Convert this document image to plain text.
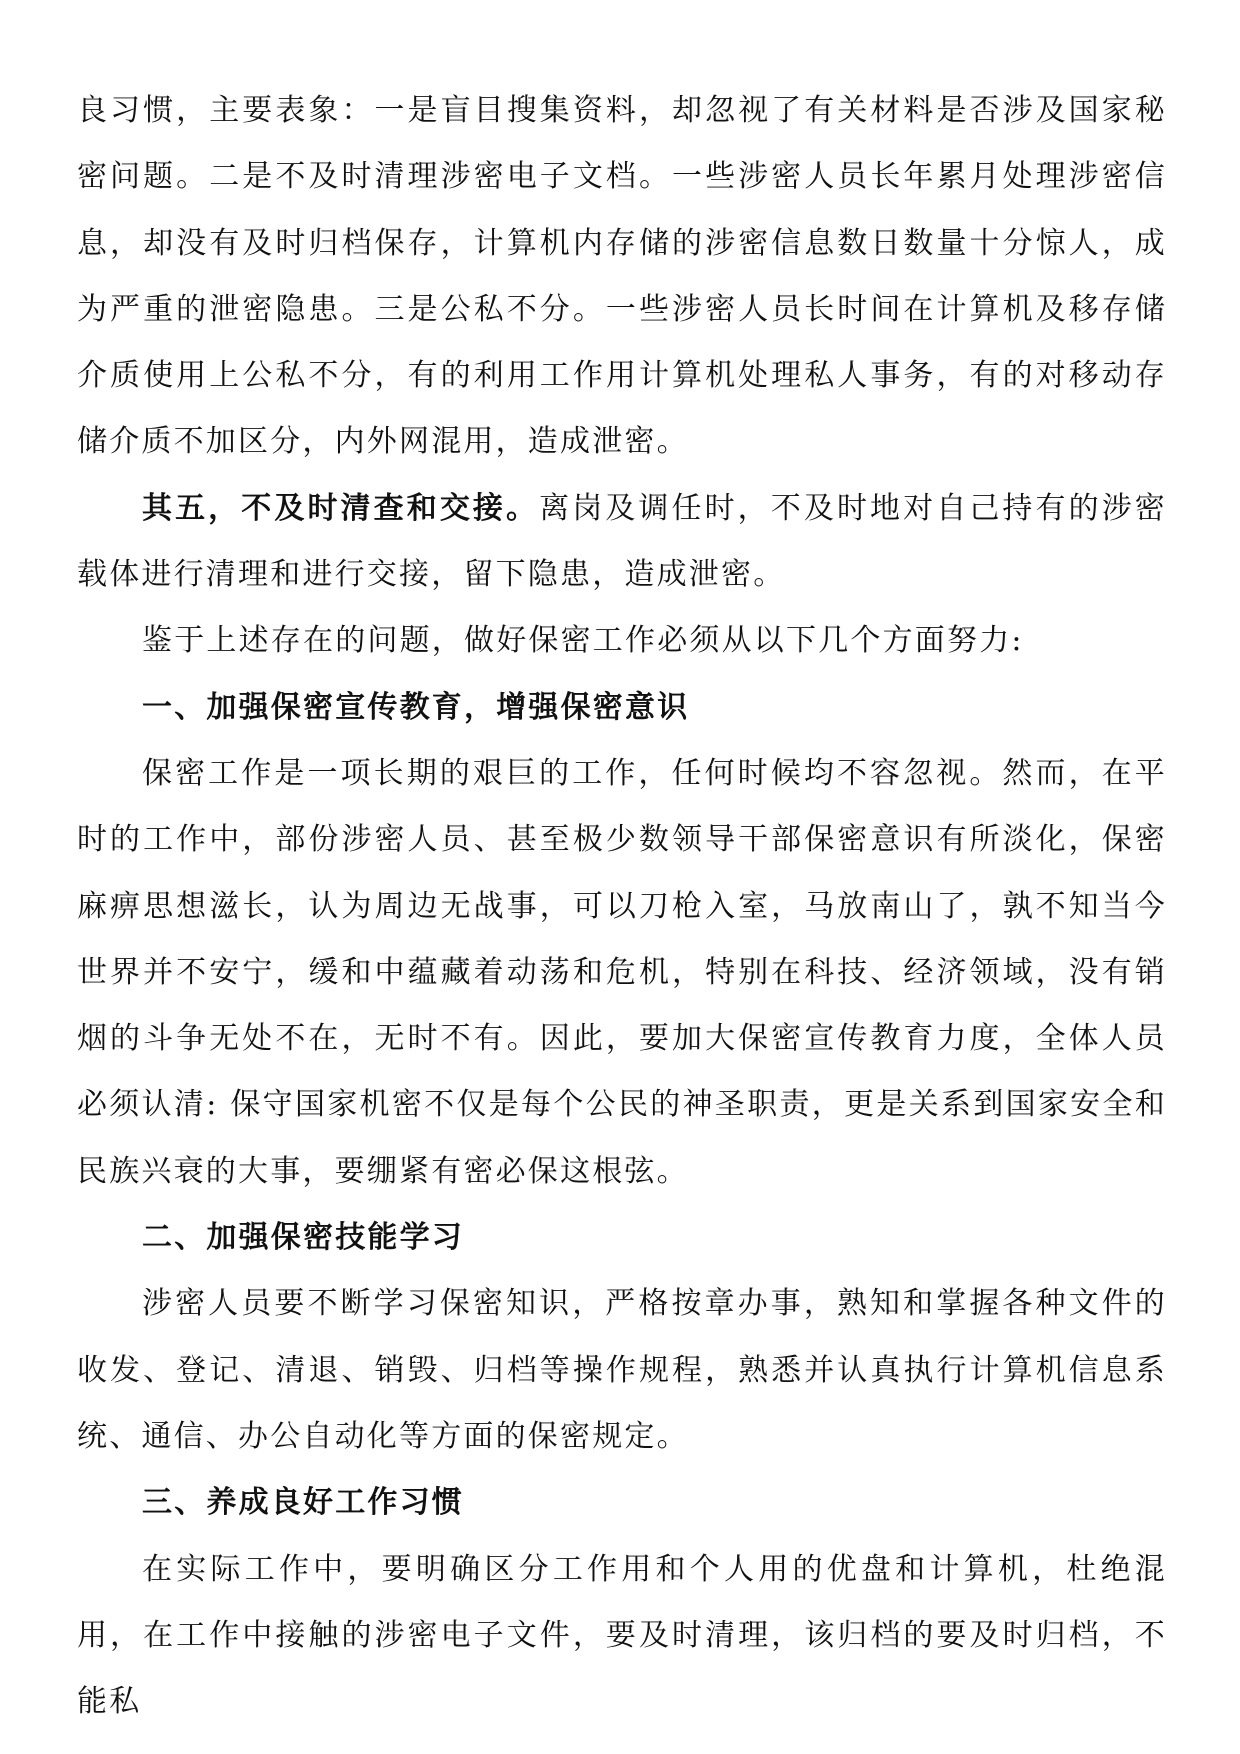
良习惯，主要表象：一是盲目搜集资料，却忽视了有关材料是否涉及国家秘密问题。二是不及时清理涉密电子文档。一些涉密人员长年累月处理涉密信息，却没有及时归档保存，计算机内存储的涉密信息数日数量十分惊人，成为严重的泄密隐患。三是公私不分。一些涉密人员长时间在计算机及移存储介质使用上公私不分，有的利用工作用计算机处理私人事务，有的对移动存储介质不加区分，内外网混用，造成泄密。

其五，不及时清查和交接。离岗及调任时，不及时地对自己持有的涉密载体进行清理和进行交接，留下隐患，造成泄密。

鉴于上述存在的问题，做好保密工作必须从以下几个方面努力:

一、加强保密宣传教育，增强保密意识

保密工作是一项长期的艰巨的工作，任何时候均不容忽视。然而，在平时的工作中，部份涉密人员、甚至极少数领导干部保密意识有所淡化，保密麻痹思想滋长，认为周边无战事，可以刀枪入室，马放南山了，孰不知当今世界并不安宁，缓和中蕴藏着动荡和危机，特别在科技、经济领域，没有销烟的斗争无处不在，无时不有。因此，要加大保密宣传教育力度，全体人员必须认清: 保守国家机密不仅是每个公民的神圣职责，更是关系到国家安全和民族兴衰的大事，要绷紧有密必保这根弦。

二、加强保密技能学习

涉密人员要不断学习保密知识，严格按章办事，熟知和掌握各种文件的收发、登记、清退、销毁、归档等操作规程，熟悉并认真执行计算机信息系统、通信、办公自动化等方面的保密规定。

三、养成良好工作习惯

在实际工作中，要明确区分工作用和个人用的优盘和计算机，杜绝混用，在工作中接触的涉密电子文件，要及时清理，该归档的要及时归档，不能私
